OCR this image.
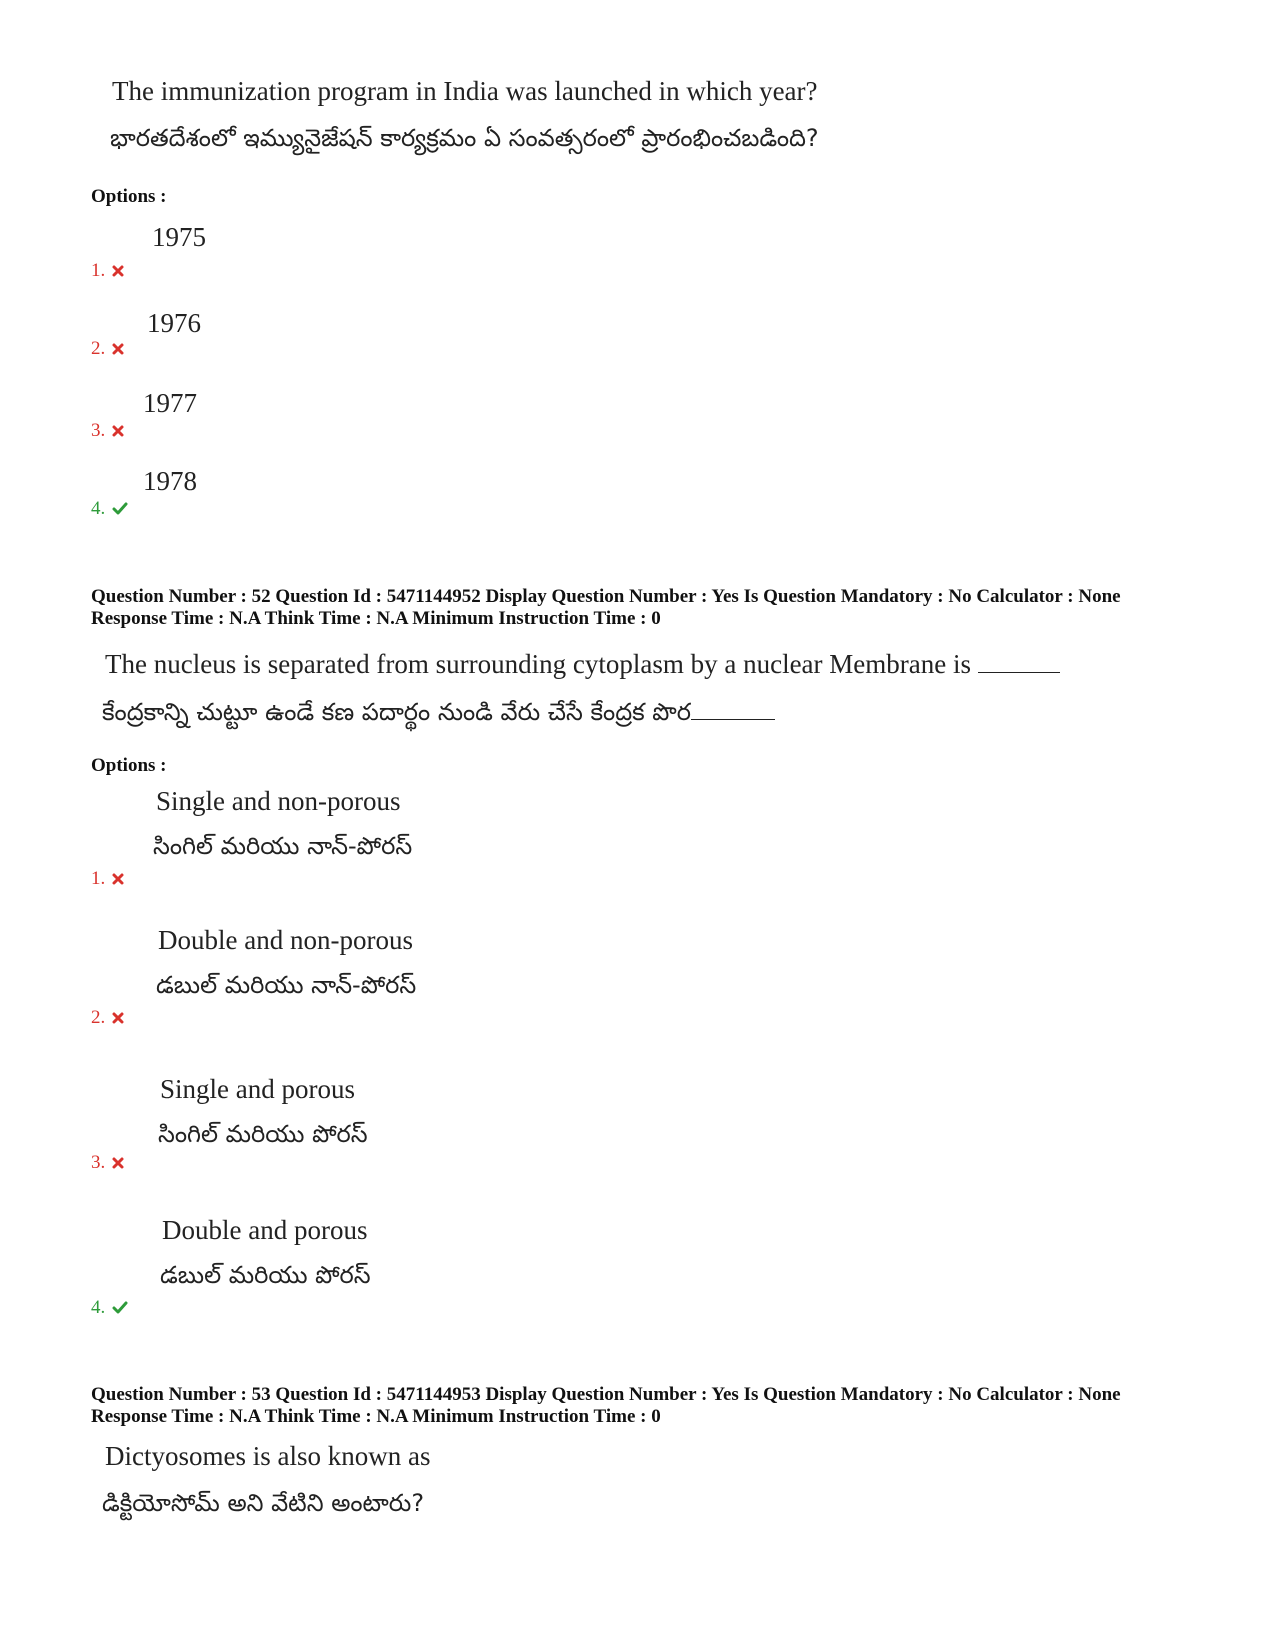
The immunization program in India was launched in which year?
భారతదేశంలో ఇమ్యునైజేషన్ కార్యక్రమం ఏ సంవత్సరంలో ప్రారంభించబడింది?
Options :
1975
1.
1976
2.
1977
3.
1978
4.
Question Number : 52 Question Id : 5471144952 Display Question Number : Yes Is Question Mandatory : No Calculator : None
Response Time : N.A Think Time : N.A Minimum Instruction Time : 0
The nucleus is separated from surrounding cytoplasm by a nuclear Membrane is
కేంద్రకాన్ని చుట్టూ ఉండే కణ పదార్థం నుండి వేరు చేసే కేంద్రక పొర
Options :
Single and non-porous
సింగిల్ మరియు నాన్-పోరస్
1.
Double and non-porous
డబుల్ మరియు నాన్-పోరస్
2.
Single and porous
సింగిల్ మరియు పోరస్
3.
Double and porous
డబుల్ మరియు పోరస్
4.
Question Number : 53 Question Id : 5471144953 Display Question Number : Yes Is Question Mandatory : No Calculator : None
Response Time : N.A Think Time : N.A Minimum Instruction Time : 0
Dictyosomes is also known as
డిక్టియోసోమ్ అని వేటిని అంటారు?
